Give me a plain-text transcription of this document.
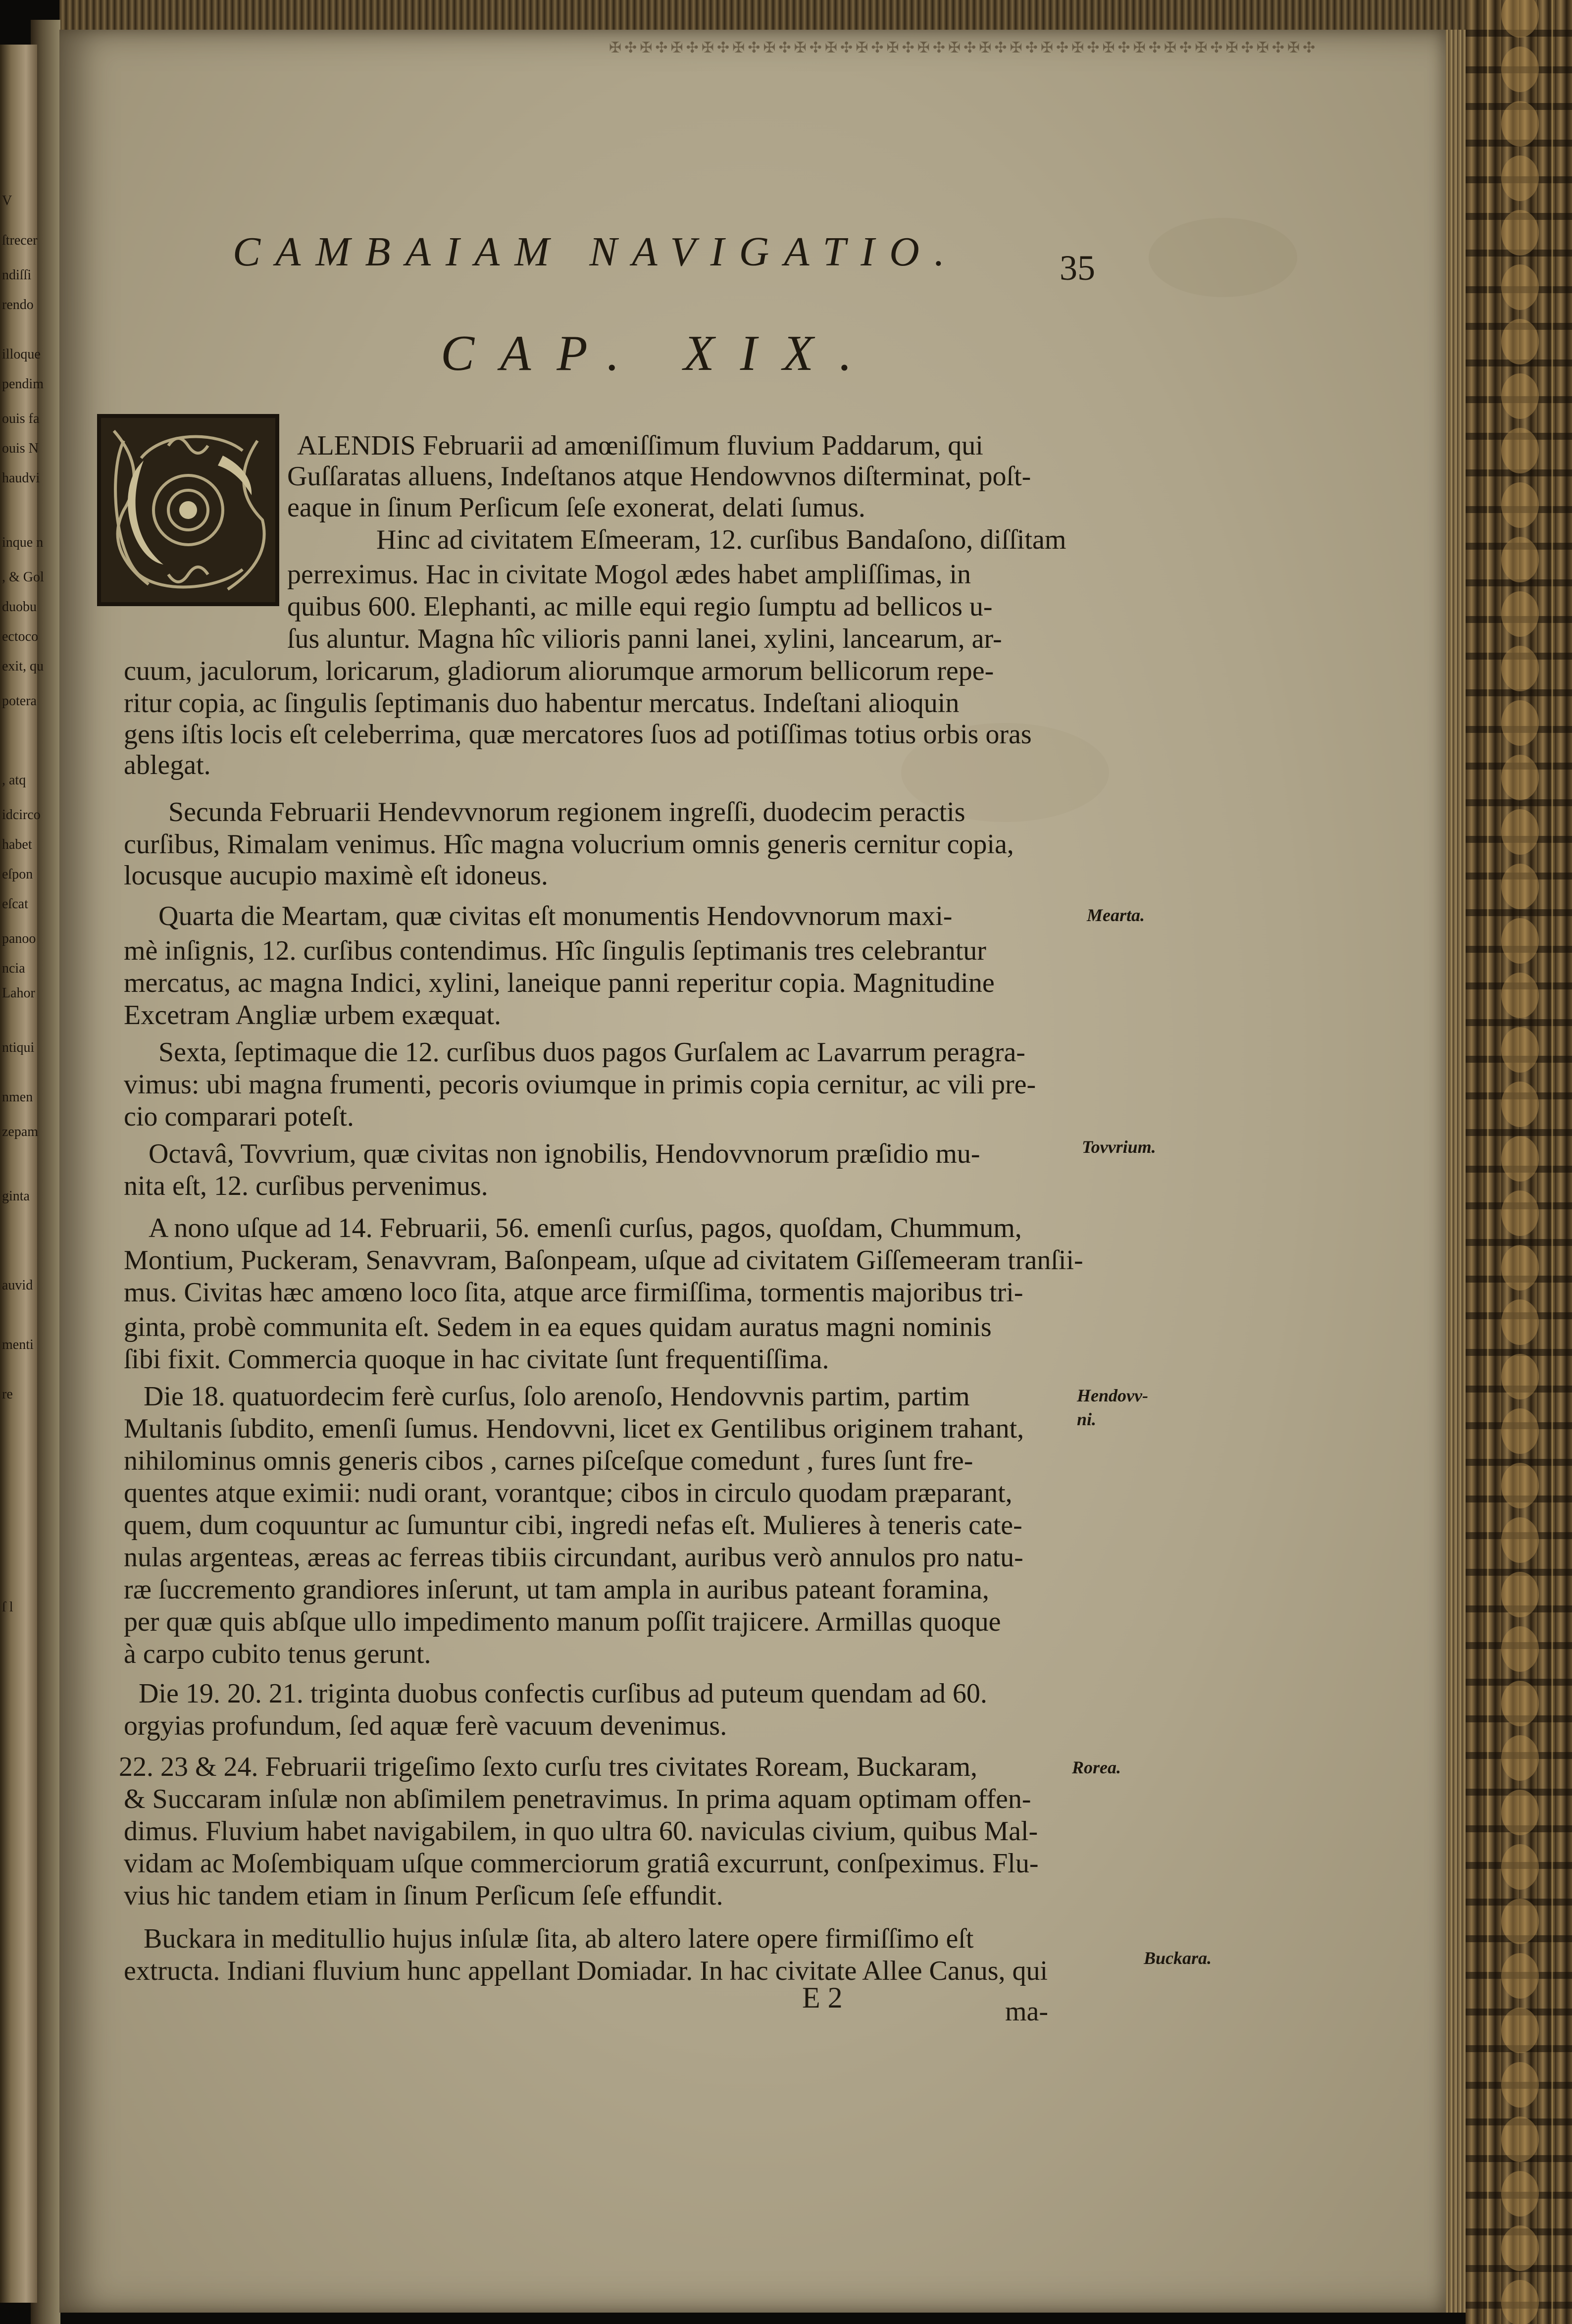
✠✣✠✣✠✣✠✣✠✣✠✣✠✣✠✣✠✣✠✣✠✣✠✣✠✣✠✣✠✣✠✣✠✣✠✣✠✣✠✣✠✣✠✣✠✣
V
ſtrecer
ndiſſi
rendo
illoque
pendim
ouis fa
ouis N
haudvi
inque n
, & Gol
duobu
ectoco
exit, qu
potera
, atq
idcirco
habet
eſpon
eſcat
panoo
ncia
Lahor
ntiqui
nmen
zepam
ginta
auvid
menti
re
ſ l
CAMBAIAM NAVIGATIO.	35
CAP. XIX.
ALENDIS Februarii ad amœniſſimum fluvium Paddarum, qui
Guſſaratas alluens, Indeſtanos atque Hendowvnos diſterminat, poſt-
eaque in ſinum Perſicum ſeſe exonerat, delati ſumus.
Hinc ad civitatem Eſmeeram, 12. curſibus Bandaſono, diſſitam
perreximus. Hac in civitate Mogol ædes habet ampliſſimas, in
quibus 600. Elephanti, ac mille equi regio ſumptu ad bellicos u-
ſus aluntur. Magna hîc vilioris panni lanei, xylini, lancearum, ar-
cuum, jaculorum, loricarum, gladiorum aliorumque armorum bellicorum repe-
ritur copia, ac ſingulis ſeptimanis duo habentur mercatus. Indeſtani alioquin
gens iſtis locis eſt celeberrima, quæ mercatores ſuos ad potiſſimas totius orbis oras
ablegat.
Secunda Februarii Hendevvnorum regionem ingreſſi, duodecim peractis
curſibus, Rimalam venimus. Hîc magna volucrium omnis generis cernitur copia,
locusque aucupio maximè eſt idoneus.
Quarta die Meartam, quæ civitas eſt monumentis Hendovvnorum maxi-
mè inſignis, 12. curſibus contendimus. Hîc ſingulis ſeptimanis tres celebrantur
mercatus, ac magna Indici, xylini, laneique panni reperitur copia. Magnitudine
Excetram Angliæ urbem exæquat.
Sexta, ſeptimaque die 12. curſibus duos pagos Gurſalem ac Lavarrum peragra-
vimus: ubi magna frumenti, pecoris oviumque in primis copia cernitur, ac vili pre-
cio comparari poteſt.
Octavâ, Tovvrium, quæ civitas non ignobilis, Hendovvnorum præſidio mu-
nita eſt, 12. curſibus pervenimus.
A nono uſque ad 14. Februarii, 56. emenſi curſus, pagos, quoſdam, Chummum,
Montium, Puckeram, Senavvram, Baſonpeam, uſque ad civitatem Giſſemeeram tranſii-
mus. Civitas hæc amœno loco ſita, atque arce firmiſſima, tormentis majoribus tri-
ginta, probè communita eſt. Sedem in ea eques quidam auratus magni nominis
ſibi fixit. Commercia quoque in hac civitate ſunt frequentiſſima.
Die 18. quatuordecim ferè curſus, ſolo arenoſo, Hendovvnis partim, partim
Multanis ſubdito, emenſi ſumus. Hendovvni, licet ex Gentilibus originem trahant,
nihilominus omnis generis cibos , carnes piſceſque comedunt , fures ſunt fre-
quentes atque eximii: nudi orant, vorantque; cibos in circulo quodam præparant,
quem, dum coquuntur ac ſumuntur cibi, ingredi nefas eſt. Mulieres à teneris cate-
nulas argenteas, æreas ac ferreas tibiis circundant, auribus verò annulos pro natu-
ræ ſuccremento grandiores inſerunt, ut tam ampla in auribus pateant foramina,
per quæ quis abſque ullo impedimento manum poſſit trajicere. Armillas quoque
à carpo cubito tenus gerunt.
Die 19. 20. 21. triginta duobus confectis curſibus ad puteum quendam ad 60.
orgyias profundum, ſed aquæ ferè vacuum devenimus.
22. 23 & 24. Februarii trigeſimo ſexto curſu tres civitates Roream, Buckaram,
& Succaram inſulæ non abſimilem penetravimus. In prima aquam optimam offen-
dimus. Fluvium habet navigabilem, in quo ultra 60. naviculas civium, quibus Mal-
vidam ac Moſembiquam uſque commerciorum gratiâ excurrunt, conſpeximus. Flu-
vius hic tandem etiam in ſinum Perſicum ſeſe effundit.
Buckara in meditullio hujus inſulæ ſita, ab altero latere opere firmiſſimo eſt
extructa. Indiani fluvium hunc appellant Domiadar. In hac civitate Allee Canus, qui
Mearta.
Tovvrium.
Hendovv-
ni.
Rorea.
Buckara.
E 2	ma-
